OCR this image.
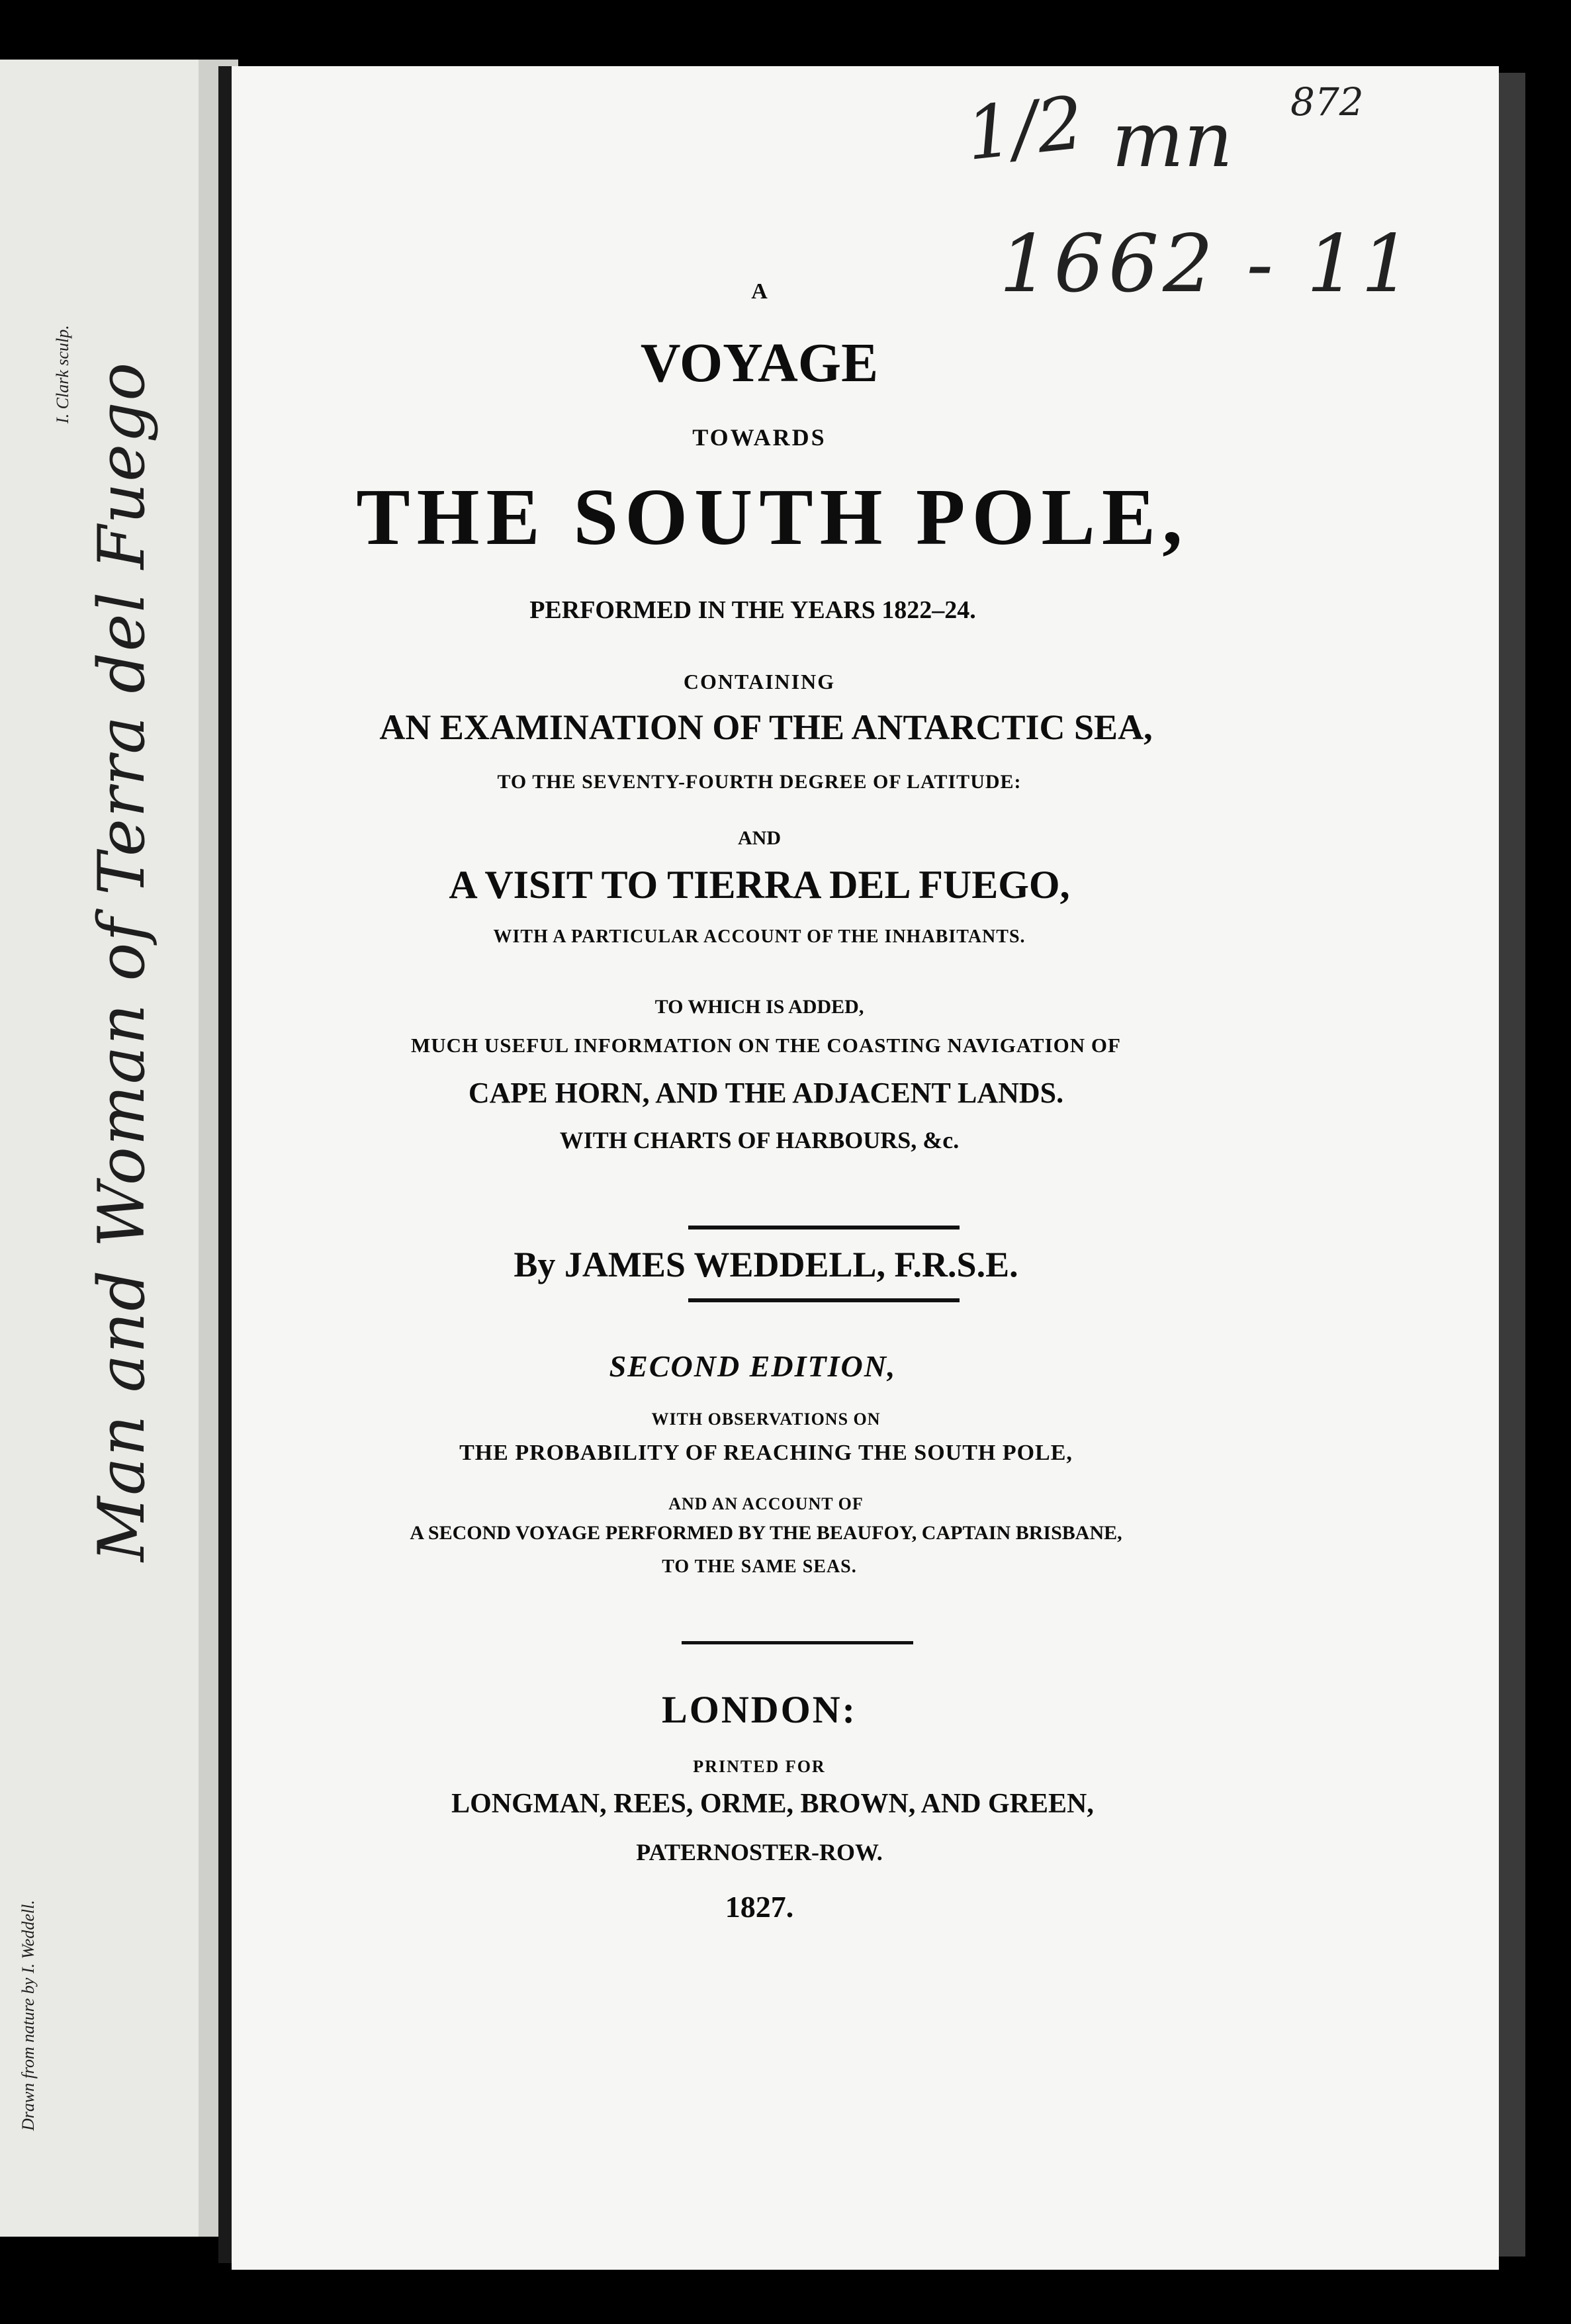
I. Clark sculp. Man and Woman of Terra del Fuego
Drawn from nature by I. Weddell.
1/2 mn 872
1662 - 11
A
VOYAGE
TOWARDS
THE SOUTH POLE,
PERFORMED IN THE YEARS 1822–24.
CONTAINING
AN EXAMINATION OF THE ANTARCTIC SEA,
TO THE SEVENTY-FOURTH DEGREE OF LATITUDE:
AND
A VISIT TO TIERRA DEL FUEGO,
WITH A PARTICULAR ACCOUNT OF THE INHABITANTS.
TO WHICH IS ADDED,
MUCH USEFUL INFORMATION ON THE COASTING NAVIGATION OF
CAPE HORN, AND THE ADJACENT LANDS.
WITH CHARTS OF HARBOURS, &c.
By JAMES WEDDELL, F.R.S.E.
SECOND EDITION,
WITH OBSERVATIONS ON
THE PROBABILITY OF REACHING THE SOUTH POLE,
AND AN ACCOUNT OF
A SECOND VOYAGE PERFORMED BY THE BEAUFOY, CAPTAIN BRISBANE,
TO THE SAME SEAS.
LONDON:
PRINTED FOR
LONGMAN, REES, ORME, BROWN, AND GREEN,
PATERNOSTER-ROW.
1827.
